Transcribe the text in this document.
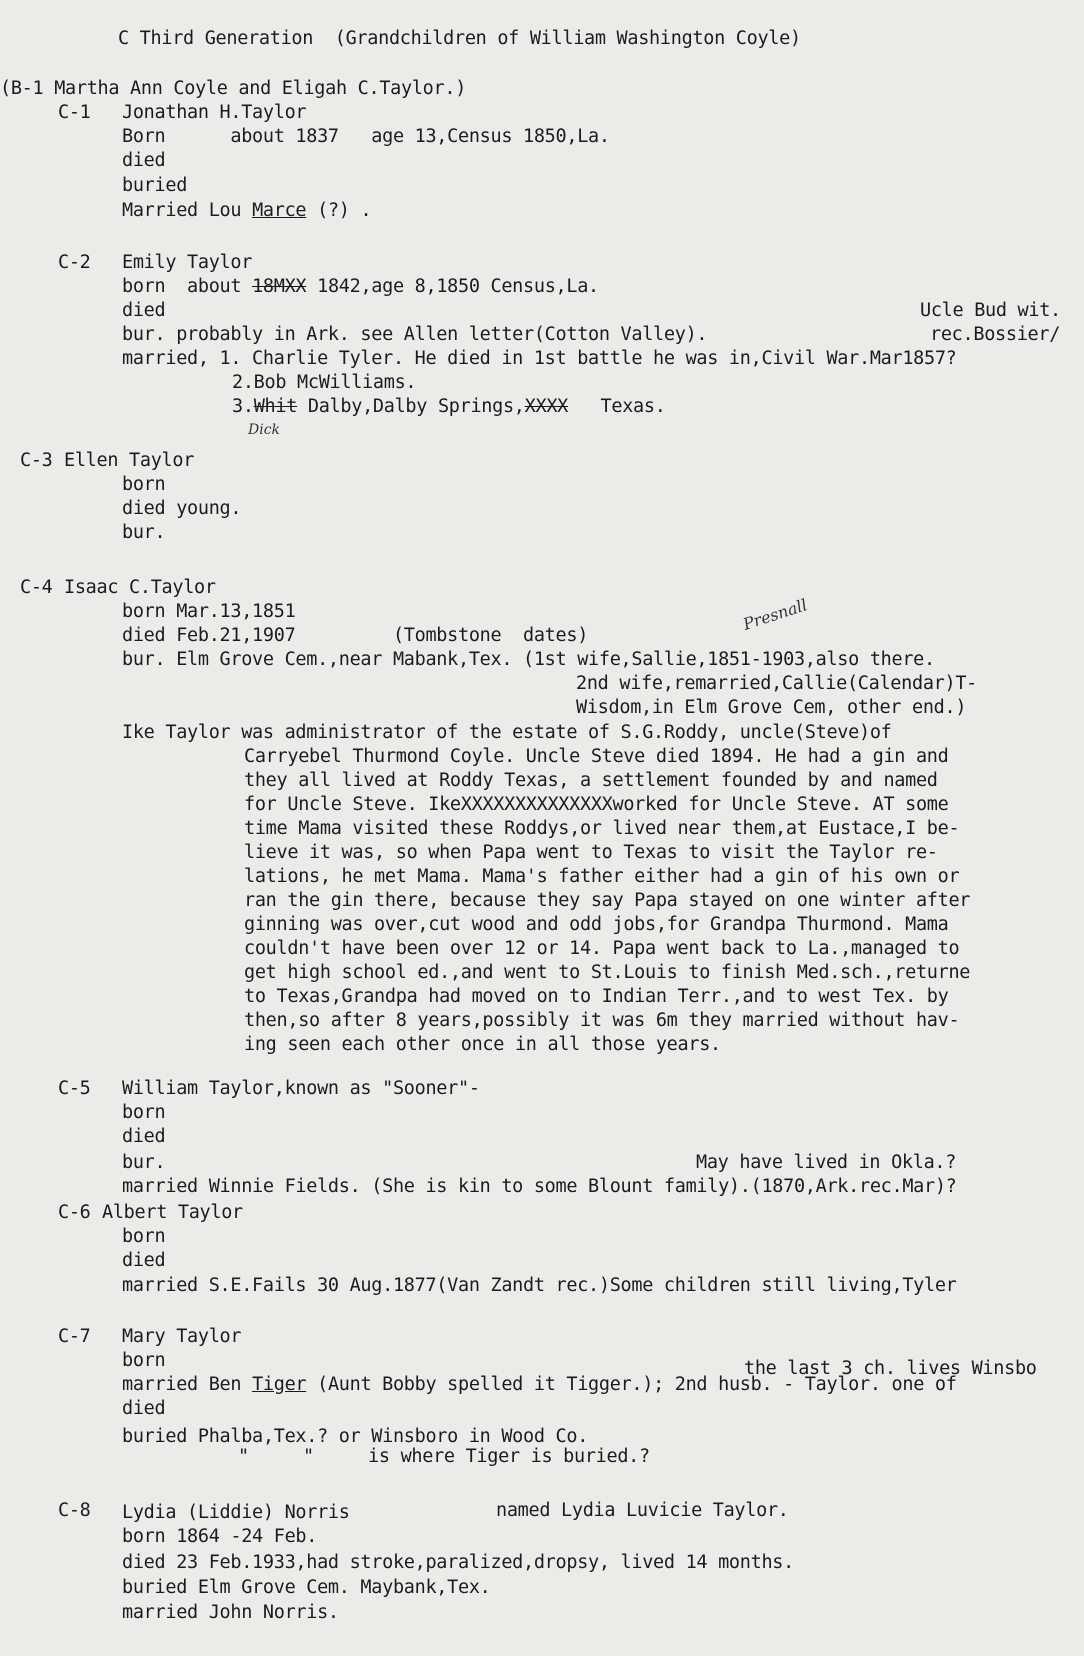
C Third Generation  (Grandchildren of William Washington Coyle)
(B-1 Martha Ann Coyle and Eligah C.Taylor.)
C-1 Jonathan H.Taylor
Born      about 1837   age 13,Census 1850,La.
died
buried
Married Lou Marce (?) .
C-2 Emily Taylor
born  about 18MXX 1842,age 8,1850 Census,La.
died	Ucle Bud wit.
bur. probably in Ark. see Allen letter(Cotton Valley).	rec.Bossier/
married, 1. Charlie Tyler. He died in 1st battle he was in,Civil War.Mar1857?
2.Bob McWilliams.
3.Whit Dalby,Dalby Springs,XXXX   Texas.
Dick
C-3 Ellen Taylor
born
died young.
bur.
C-4 Isaac C.Taylor
born Mar.13,1851
died Feb.21,1907         (Tombstone  dates)
Presnall
bur. Elm Grove Cem.,near Mabank,Tex. (1st wife,Sallie,1851-1903,also there.
2nd wife,remarried,Callie(Calendar)T-
Wisdom,in Elm Grove Cem, other end.)
Ike Taylor was administrator of the estate of S.G.Roddy, uncle(Steve)of
Carryebel Thurmond Coyle. Uncle Steve died 1894. He had a gin and
they all lived at Roddy Texas, a settlement founded by and named
for Uncle Steve. IkeXXXXXXXXXXXXXXworked for Uncle Steve. AT some
time Mama visited these Roddys,or lived near them,at Eustace,I be-
lieve it was, so when Papa went to Texas to visit the Taylor re-
lations, he met Mama. Mama's father either had a gin of his own or
ran the gin there, because they say Papa stayed on one winter after
ginning was over,cut wood and odd jobs,for Grandpa Thurmond. Mama
couldn't have been over 12 or 14. Papa went back to La.,managed to
get high school ed.,and went to St.Louis to finish Med.sch.,returne
to Texas,Grandpa had moved on to Indian Terr.,and to west Tex. by
then,so after 8 years,possibly it was 6m they married without hav-
ing seen each other once in all those years.
C-5 William Taylor,known as "Sooner"-
born
died
bur.	May have lived in Okla.?
married Winnie Fields. (She is kin to some Blount family).(1870,Ark.rec.Mar)?
C-6 Albert Taylor
born
died
married S.E.Fails 30 Aug.1877(Van Zandt rec.)Some children still living,Tyler
C-7 Mary Taylor
born	the last 3 ch. lives Winsbo
married Ben Tiger (Aunt Bobby spelled it Tigger.); 2nd husb. - Taylor. one of
died
buried Phalba,Tex.? or Winsboro in Wood Co.
"     "     is where Tiger is buried.?
C-8 Lydia (Liddie) Norris	named Lydia Luvicie Taylor.
born 1864 -24 Feb.
died 23 Feb.1933,had stroke,paralized,dropsy, lived 14 months.
buried Elm Grove Cem. Maybank,Tex.
married John Norris.
